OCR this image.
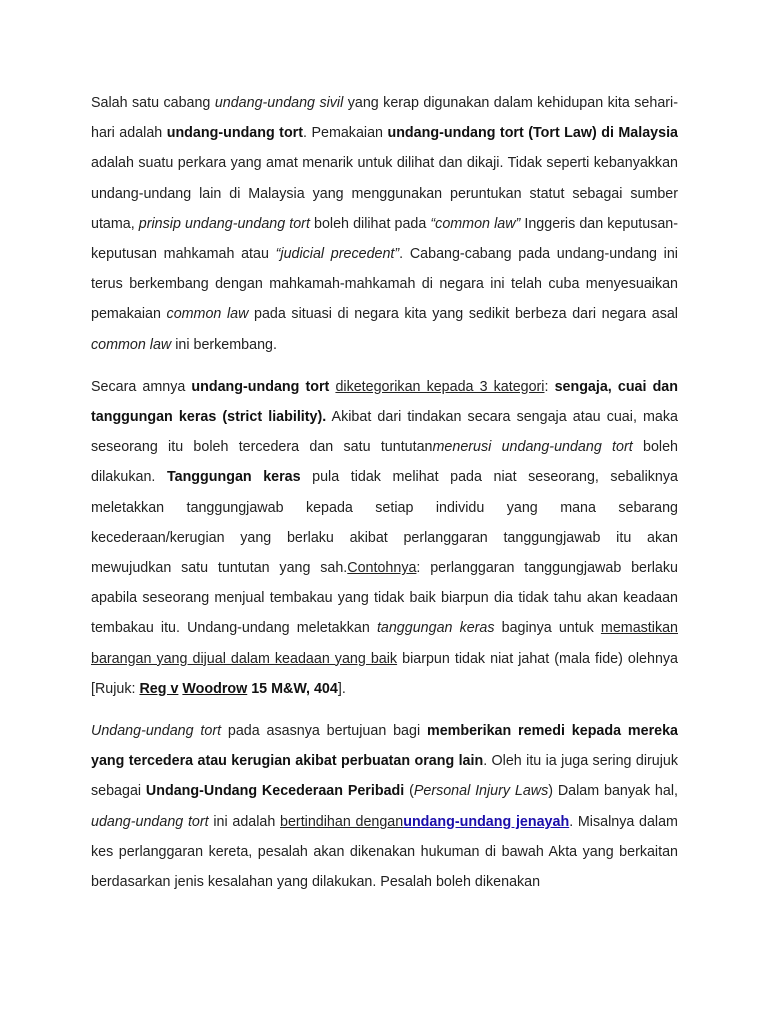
Salah satu cabang undang-undang sivil yang kerap digunakan dalam kehidupan kita sehari-hari adalah undang-undang tort. Pemakaian undang-undang tort (Tort Law) di Malaysia adalah suatu perkara yang amat menarik untuk dilihat dan dikaji. Tidak seperti kebanyakkan undang-undang lain di Malaysia yang menggunakan peruntukan statut sebagai sumber utama, prinsip undang-undang tort boleh dilihat pada “common law” Inggeris dan keputusan-keputusan mahkamah atau “judicial precedent”. Cabang-cabang pada undang-undang ini terus berkembang dengan mahkamah-mahkamah di negara ini telah cuba menyesuaikan pemakaian common law pada situasi di negara kita yang sedikit berbeza dari negara asal common law ini berkembang.

Secara amnya undang-undang tort diketegorikan kepada 3 kategori: sengaja, cuai dan tanggungan keras (strict liability). Akibat dari tindakan secara sengaja atau cuai, maka seseorang itu boleh tercedera dan satu tuntutanmenerusi undang-undang tort boleh dilakukan. Tanggungan keras pula tidak melihat pada niat seseorang, sebaliknya meletakkan tanggungjawab kepada setiap individu yang mana sebarang kecederaan/kerugian yang berlaku akibat perlanggaran tanggungjawab itu akan mewujudkan satu tuntutan yang sah.Contohnya: perlanggaran tanggungjawab berlaku apabila seseorang menjual tembakau yang tidak baik biarpun dia tidak tahu akan keadaan tembakau itu. Undang-undang meletakkan tanggungan keras baginya untuk memastikan barangan yang dijual dalam keadaan yang baik biarpun tidak niat jahat (mala fide) olehnya [Rujuk: Reg v Woodrow 15 M&W, 404].

Undang-undang tort pada asasnya bertujuan bagi memberikan remedi kepada mereka yang tercedera atau kerugian akibat perbuatan orang lain. Oleh itu ia juga sering dirujuk sebagai Undang-Undang Kecederaan Peribadi (Personal Injury Laws) Dalam banyak hal, udang-undang tort ini adalah bertindihan denganundang-undang jenayah. Misalnya dalam kes perlanggaran kereta, pesalah akan dikenakan hukuman di bawah Akta yang berkaitan berdasarkan jenis kesalahan yang dilakukan. Pesalah boleh dikenakan
